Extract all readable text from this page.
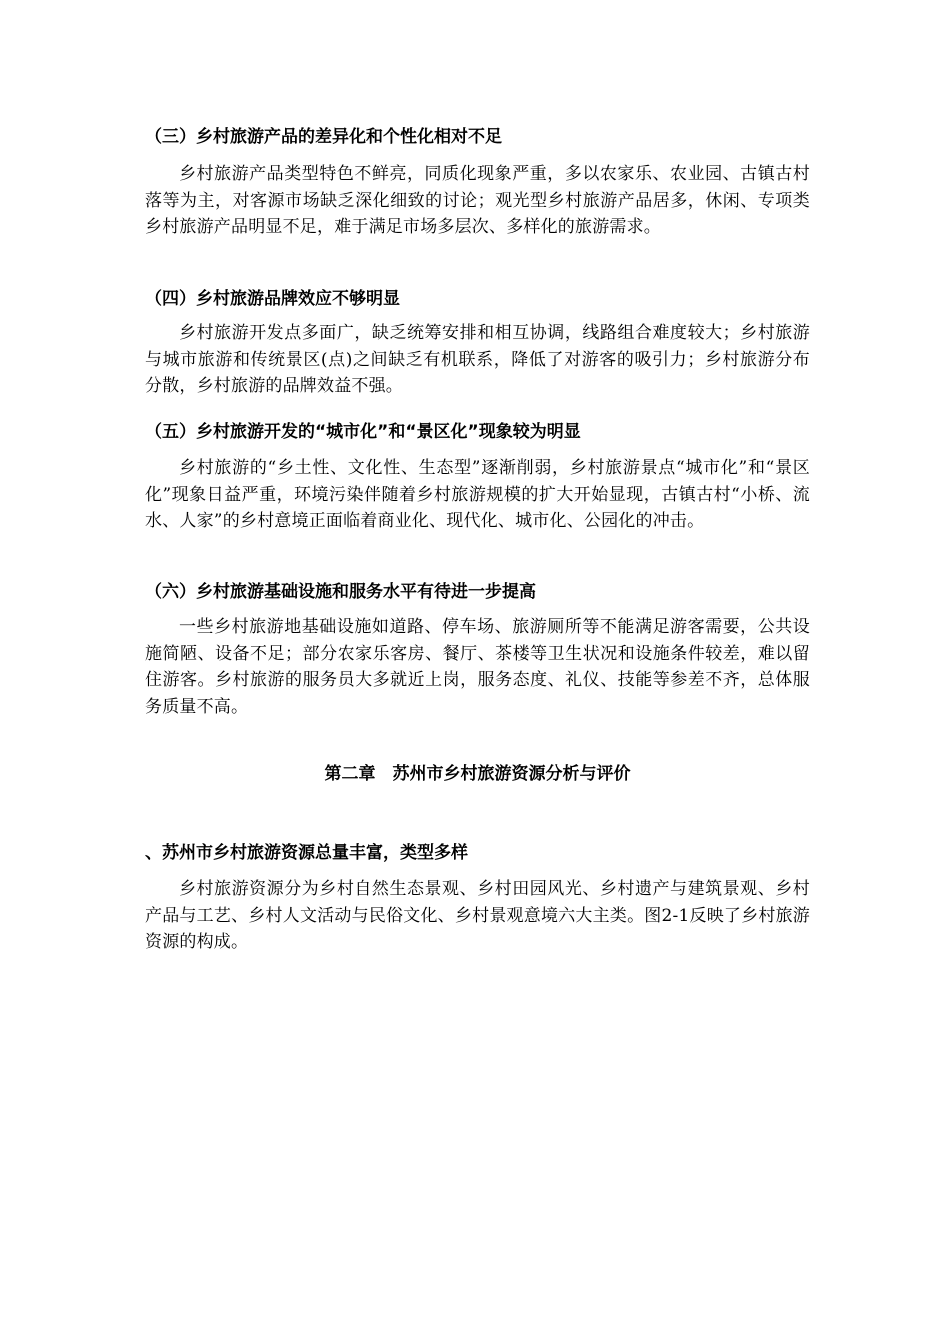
（三）乡村旅游产品的差异化和个性化相对不足
乡村旅游产品类型特色不鲜亮，同质化现象严重，多以农家乐、农业园、古镇古村落等为主，对客源市场缺乏深化细致的讨论；观光型乡村旅游产品居多，休闲、专项类乡村旅游产品明显不足，难于满足市场多层次、多样化的旅游需求。
（四）乡村旅游品牌效应不够明显
乡村旅游开发点多面广，缺乏统筹安排和相互协调，线路组合难度较大；乡村旅游与城市旅游和传统景区(点)之间缺乏有机联系，降低了对游客的吸引力；乡村旅游分布分散，乡村旅游的品牌效益不强。
（五）乡村旅游开发的“城市化”和“景区化”现象较为明显
乡村旅游的“乡土性、文化性、生态型”逐渐削弱，乡村旅游景点“城市化”和“景区化”现象日益严重，环境污染伴随着乡村旅游规模的扩大开始显现，古镇古村“小桥、流水、人家”的乡村意境正面临着商业化、现代化、城市化、公园化的冲击。
（六）乡村旅游基础设施和服务水平有待进一步提高
一些乡村旅游地基础设施如道路、停车场、旅游厕所等不能满足游客需要，公共设施简陋、设备不足；部分农家乐客房、餐厅、茶楼等卫生状况和设施条件较差，难以留住游客。乡村旅游的服务员大多就近上岗，服务态度、礼仪、技能等参差不齐，总体服务质量不高。
第二章　苏州市乡村旅游资源分析与评价
、苏州市乡村旅游资源总量丰富，类型多样
乡村旅游资源分为乡村自然生态景观、乡村田园风光、乡村遗产与建筑景观、乡村产品与工艺、乡村人文活动与民俗文化、乡村景观意境六大主类。图2-1反映了乡村旅游资源的构成。
